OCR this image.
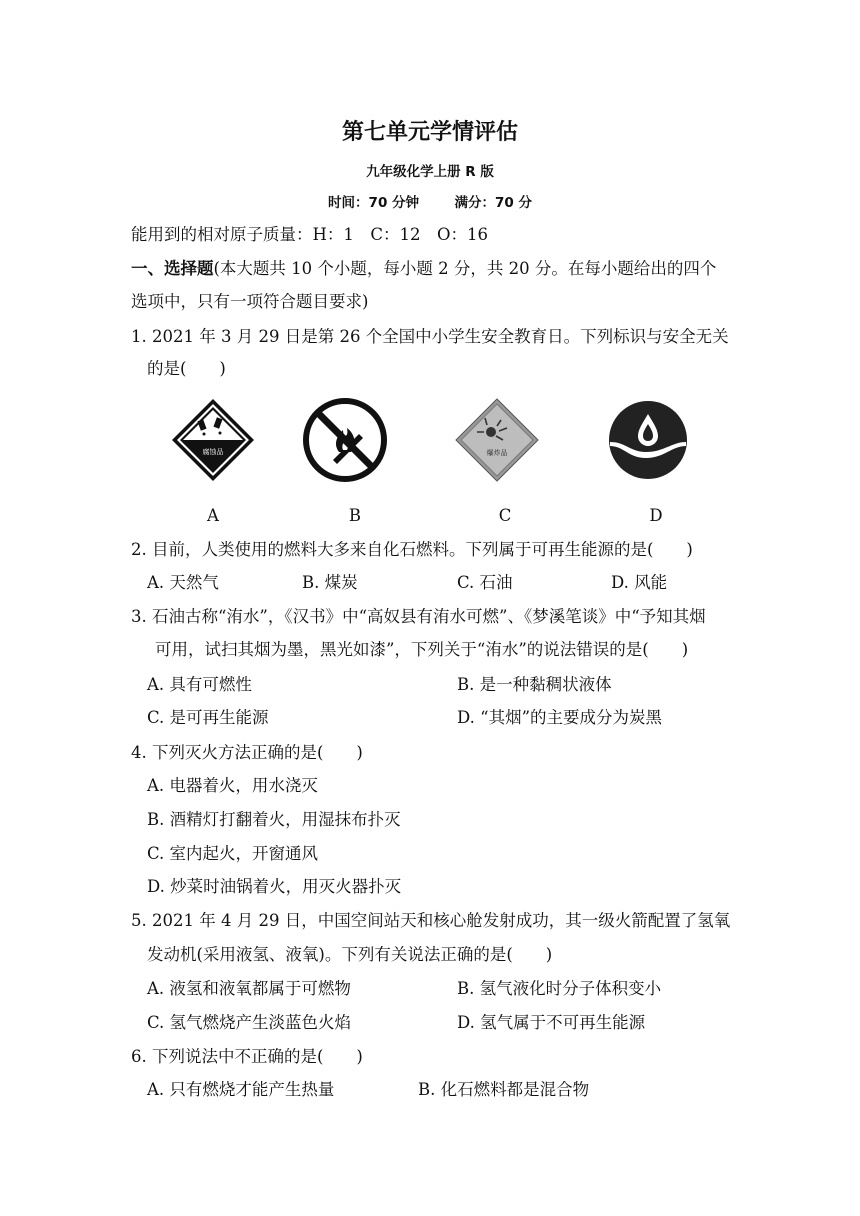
第七单元学情评估
九年级化学上册 R 版
时间：70 分钟	满分：70 分
能用到的相对原子质量：H：1　C：12　O：16
一、选择题(本大题共 10 个小题，每小题 2 分，共 20 分。在每小题给出的四个
选项中，只有一项符合题目要求)
1. 2021 年 3 月 29 日是第 26 个全国中小学生安全教育日。下列标识与安全无关
的是(　　)
腐蚀品	爆炸品
A	B	C	D
2. 目前，人类使用的燃料大多来自化石燃料。下列属于可再生能源的是(　　)
A. 天然气	B. 煤炭	C. 石油	D. 风能
3. 石油古称“洧水”，《汉书》中“高奴县有洧水可燃”、《梦溪笔谈》中“予知其烟
可用，试扫其烟为墨，黑光如漆”，下列关于“洧水”的说法错误的是(　　)
A. 具有可燃性	B. 是一种黏稠状液体
C. 是可再生能源	D. “其烟”的主要成分为炭黑
4. 下列灭火方法正确的是(　　)
A. 电器着火，用水浇灭
B. 酒精灯打翻着火，用湿抹布扑灭
C. 室内起火，开窗通风
D. 炒菜时油锅着火，用灭火器扑灭
5. 2021 年 4 月 29 日，中国空间站天和核心舱发射成功，其一级火箭配置了氢氧
发动机(采用液氢、液氧)。下列有关说法正确的是(　　)
A. 液氢和液氧都属于可燃物	B. 氢气液化时分子体积变小
C. 氢气燃烧产生淡蓝色火焰	D. 氢气属于不可再生能源
6. 下列说法中不正确的是(　　)
A. 只有燃烧才能产生热量	B. 化石燃料都是混合物
